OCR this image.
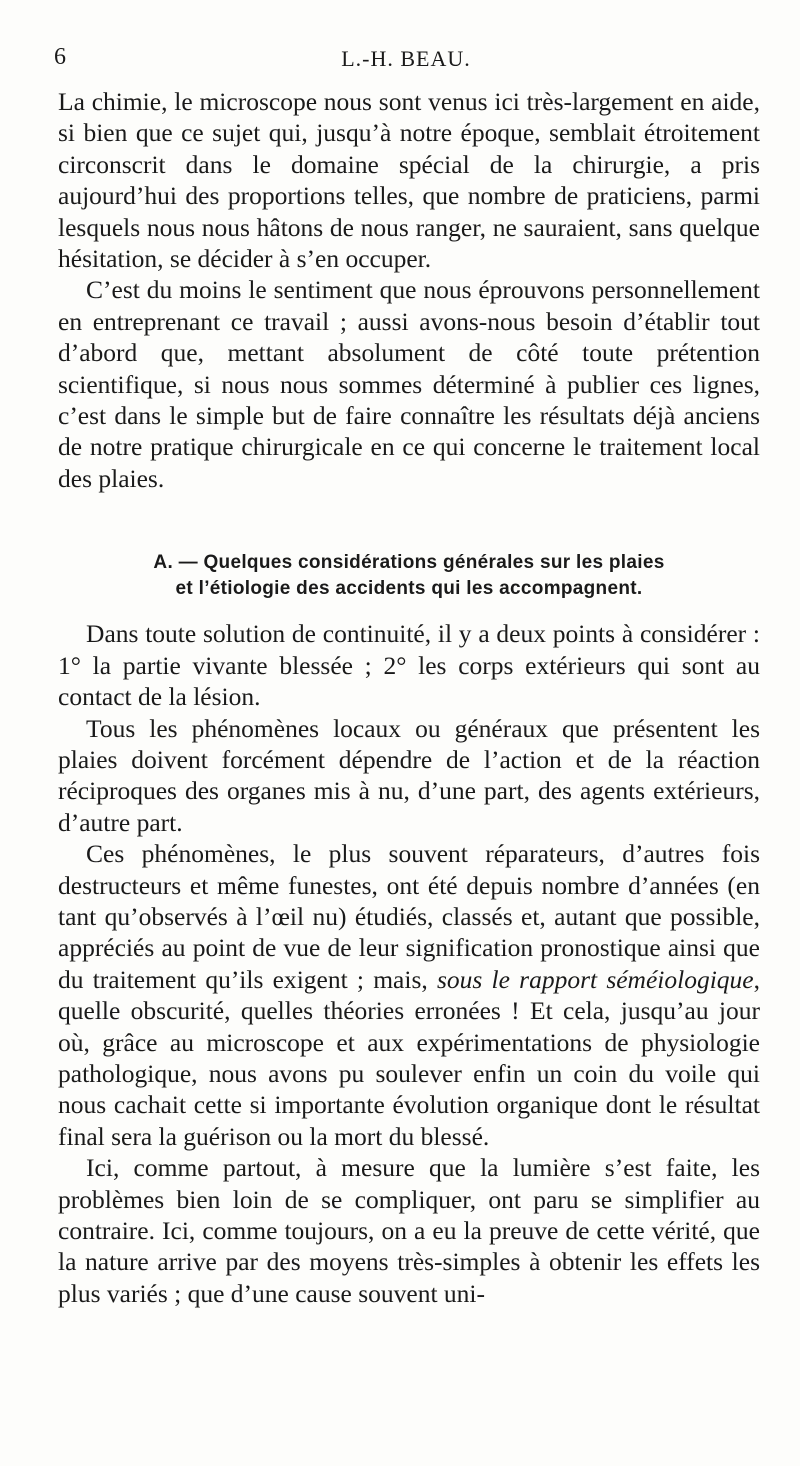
6	L.-H. BEAU.

La chimie, le microscope nous sont venus ici très-largement en aide, si bien que ce sujet qui, jusqu’à notre époque, semblait étroitement circonscrit dans le domaine spécial de la chirurgie, a pris aujourd’hui des proportions telles, que nombre de praticiens, parmi lesquels nous nous hâtons de nous ranger, ne sauraient, sans quelque hésitation, se décider à s’en occuper.

C’est du moins le sentiment que nous éprouvons personnellement en entreprenant ce travail ; aussi avons-nous besoin d’établir tout d’abord que, mettant absolument de côté toute prétention scientifique, si nous nous sommes déterminé à publier ces lignes, c’est dans le simple but de faire connaître les résultats déjà anciens de notre pratique chirurgicale en ce qui concerne le traitement local des plaies.

A. — Quelques considérations générales sur les plaies
et l’étiologie des accidents qui les accompagnent.

Dans toute solution de continuité, il y a deux points à considérer : 1° la partie vivante blessée ; 2° les corps extérieurs qui sont au contact de la lésion.

Tous les phénomènes locaux ou généraux que présentent les plaies doivent forcément dépendre de l’action et de la réaction réciproques des organes mis à nu, d’une part, des agents extérieurs, d’autre part.

Ces phénomènes, le plus souvent réparateurs, d’autres fois destructeurs et même funestes, ont été depuis nombre d’années (en tant qu’observés à l’œil nu) étudiés, classés et, autant que possible, appréciés au point de vue de leur signification pronostique ainsi que du traitement qu’ils exigent ; mais, sous le rapport séméiologique, quelle obscurité, quelles théories erronées ! Et cela, jusqu’au jour où, grâce au microscope et aux expérimentations de physiologie pathologique, nous avons pu soulever enfin un coin du voile qui nous cachait cette si importante évolution organique dont le résultat final sera la guérison ou la mort du blessé.

Ici, comme partout, à mesure que la lumière s’est faite, les problèmes bien loin de se compliquer, ont paru se simplifier au contraire. Ici, comme toujours, on a eu la preuve de cette vérité, que la nature arrive par des moyens très-simples à obtenir les effets les plus variés ; que d’une cause souvent uni-
